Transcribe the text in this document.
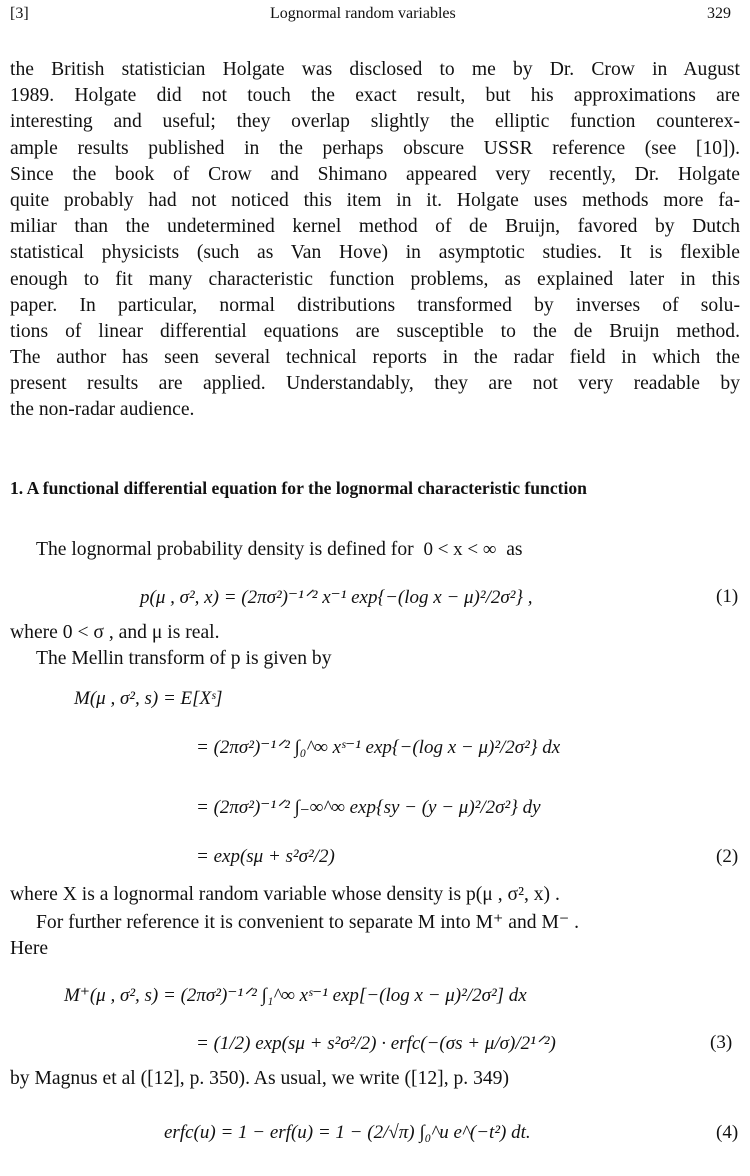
[3]	Lognormal random variables	329
the British statistician Holgate was disclosed to me by Dr. Crow in August
1989. Holgate did not touch the exact result, but his approximations are
interesting and useful; they overlap slightly the elliptic function counterex-
ample results published in the perhaps obscure USSR reference (see [10]).
Since the book of Crow and Shimano appeared very recently, Dr. Holgate
quite probably had not noticed this item in it. Holgate uses methods more fa-
miliar than the undetermined kernel method of de Bruijn, favored by Dutch
statistical physicists (such as Van Hove) in asymptotic studies. It is flexible
enough to fit many characteristic function problems, as explained later in this
paper. In particular, normal distributions transformed by inverses of solu-
tions of linear differential equations are susceptible to the de Bruijn method.
The author has seen several technical reports in the radar field in which the
present results are applied. Understandably, they are not very readable by
the non-radar audience.
1. A functional differential equation for the lognormal characteristic function
The lognormal probability density is defined for 0 < x < ∞ as
p(μ , σ², x) = (2πσ²)⁻¹ᐟ² x⁻¹ exp{−(log x − μ)²/2σ²} ,	(1)
where 0 < σ , and μ is real.
The Mellin transform of p is given by
M(μ , σ², s) = E[Xˢ]
= (2πσ²)⁻¹ᐟ² ∫₀^∞ xˢ⁻¹ exp{−(log x − μ)²/2σ²} dx
= (2πσ²)⁻¹ᐟ² ∫₋∞^∞ exp{sy − (y − μ)²/2σ²} dy
= exp(sμ + s²σ²/2)	(2)
where X is a lognormal random variable whose density is p(μ , σ², x) .
For further reference it is convenient to separate M into M⁺ and M⁻ .
Here
M⁺(μ , σ², s) = (2πσ²)⁻¹ᐟ² ∫₁^∞ xˢ⁻¹ exp[−(log x − μ)²/2σ²] dx
= (1/2) exp(sμ + s²σ²/2) · erfc(−(σs + μ/σ)/2¹ᐟ²)	(3)
by Magnus et al ([12], p. 350). As usual, we write ([12], p. 349)
erfc(u) = 1 − erf(u) = 1 − (2/√π) ∫₀^u e^(−t²) dt.	(4)
